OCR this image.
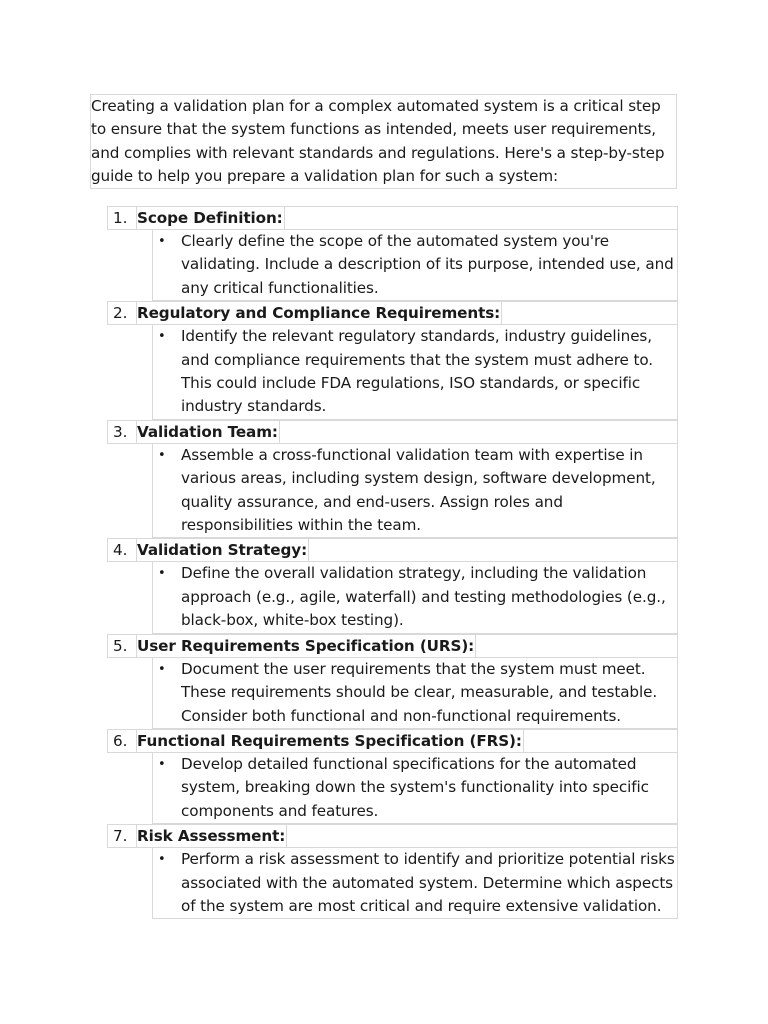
Creating a validation plan for a complex automated system is a critical step to ensure that the system functions as intended, meets user requirements, and complies with relevant standards and regulations. Here's a step-by-step guide to help you prepare a validation plan for such a system:
1. Scope Definition:
• Clearly define the scope of the automated system you're validating. Include a description of its purpose, intended use, and any critical functionalities.
2. Regulatory and Compliance Requirements:
• Identify the relevant regulatory standards, industry guidelines, and compliance requirements that the system must adhere to. This could include FDA regulations, ISO standards, or specific industry standards.
3. Validation Team:
• Assemble a cross-functional validation team with expertise in various areas, including system design, software development, quality assurance, and end-users. Assign roles and responsibilities within the team.
4. Validation Strategy:
• Define the overall validation strategy, including the validation approach (e.g., agile, waterfall) and testing methodologies (e.g., black-box, white-box testing).
5. User Requirements Specification (URS):
• Document the user requirements that the system must meet. These requirements should be clear, measurable, and testable. Consider both functional and non-functional requirements.
6. Functional Requirements Specification (FRS):
• Develop detailed functional specifications for the automated system, breaking down the system's functionality into specific components and features.
7. Risk Assessment:
• Perform a risk assessment to identify and prioritize potential risks associated with the automated system. Determine which aspects of the system are most critical and require extensive validation.
